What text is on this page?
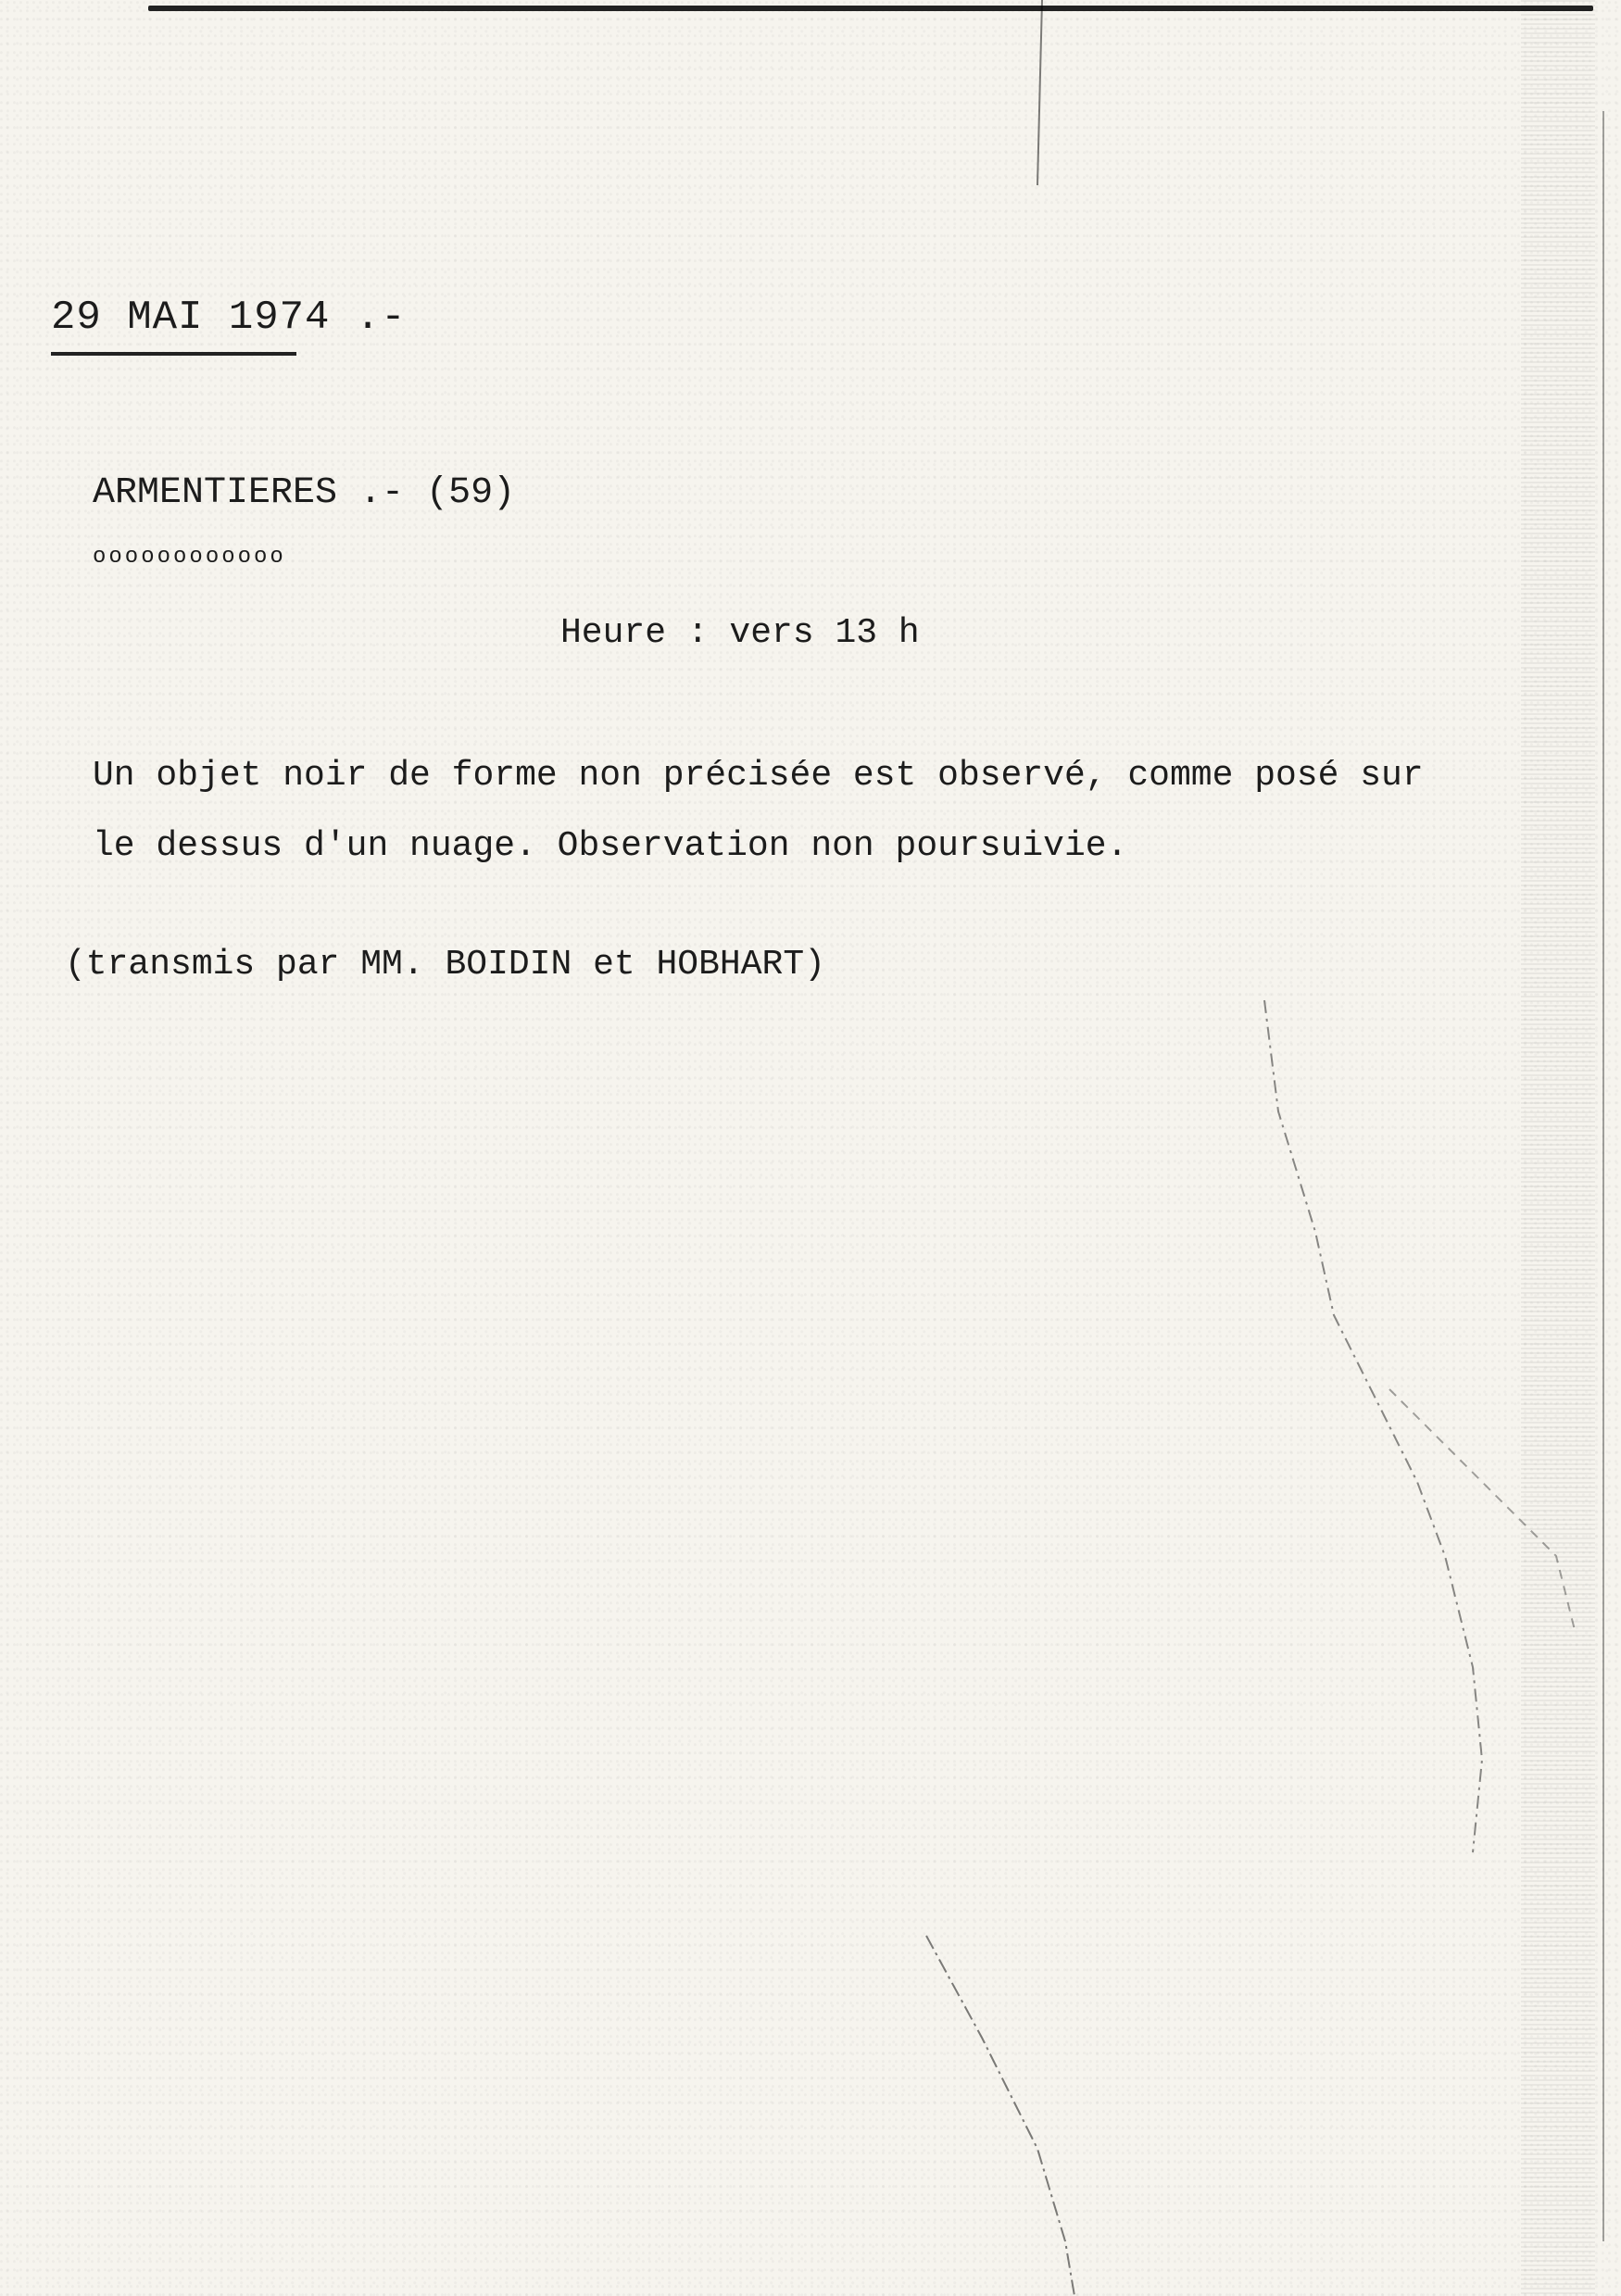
29 MAI 1974 .-
ARMENTIERES .- (59)
oooooooooooo
Heure : vers 13 h
Un objet noir de forme non précisée est observé, comme posé sur
le dessus d'un nuage. Observation non poursuivie.
(transmis par MM. BOIDIN et HOBHART)
